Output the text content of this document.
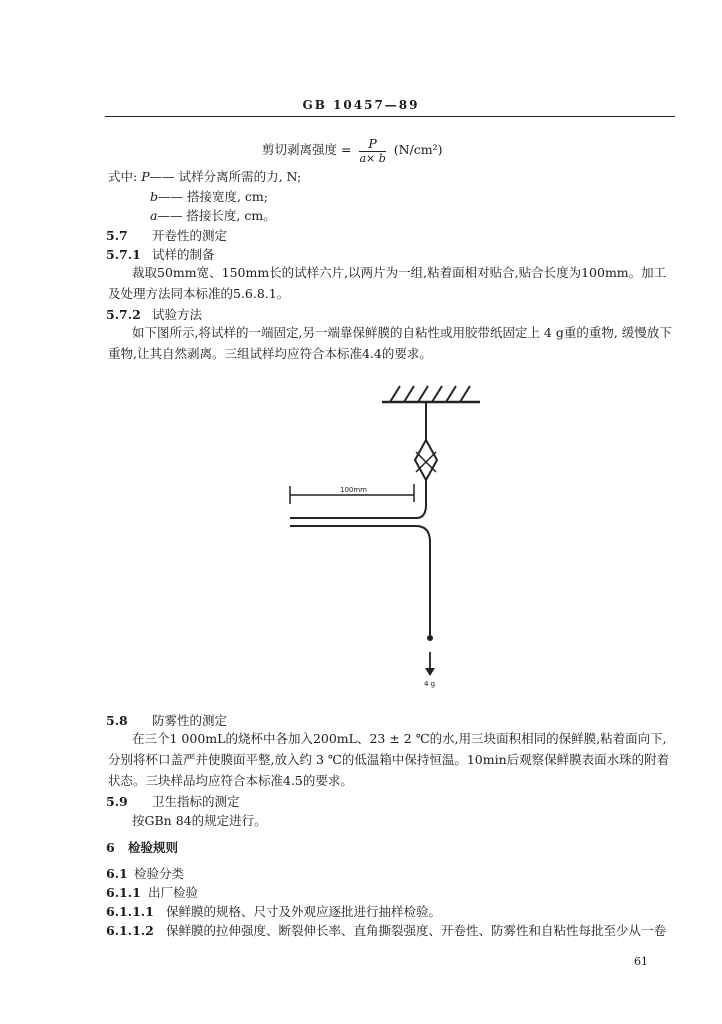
GB 10457—89
剪切剥离强度 = $\frac{P}{a\times b} (N/cm^2)$
式中: P—— 试样分离所需的力, N;
b—— 搭接宽度, cm;
a—— 搭接长度, cm。
5.7 开卷性的测定
5.7.1 试样的制备
裁取50mm宽、150mm长的试样六片,以两片为一组,粘着面相对贴合,贴合长度为100mm。加工及处理方法同本标准的5.6.8.1。
5.7.2 试验方法
如下图所示,将试样的一端固定,另一端靠保鲜膜的自粘性或用胶带纸固定上 4 g重的重物, 缓慢放下重物,让其自然剥离。三组试样均应符合本标准4.4的要求。
100mm
4 g
5.8 防雾性的测定
在三个1 000mL的烧杯中各加入200mL、23 ± 2 ℃的水,用三块面积相同的保鲜膜,粘着面向下,分别将杯口盖严并使膜面平整,放入约 3 ℃的低温箱中保持恒温。10min后观察保鲜膜表面水珠的附着状态。三块样品均应符合本标准4.5的要求。
5.9 卫生指标的测定
按GBn 84的规定进行。
6 检验规则
6.1 检验分类
6.1.1 出厂检验
6.1.1.1 保鲜膜的规格、尺寸及外观应逐批进行抽样检验。
6.1.1.2 保鲜膜的拉伸强度、断裂伸长率、直角撕裂强度、开卷性、防雾性和自粘性每批至少从一卷
61
